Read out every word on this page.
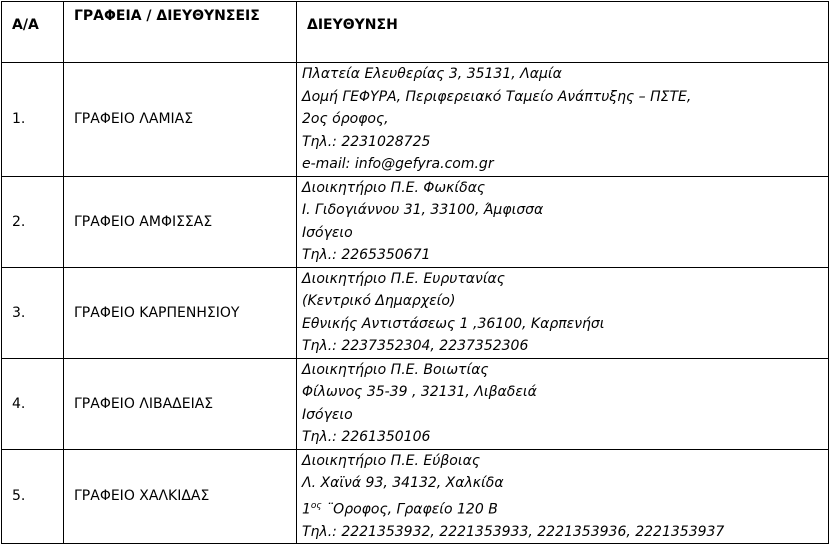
Α/Α	ΓΡΑΦΕΙΑ / ΔΙΕΥΘΥΝΣΕΙΣ	ΔΙΕΥΘΥΝΣΗ
1.	ΓΡΑΦΕΙΟ ΛΑΜΙΑΣ	Πλατεία Ελευθερίας 3, 35131, Λαμία
Δομή ΓΕΦΥΡΑ, Περιφερειακό Ταμείο Ανάπτυξης – ΠΣΤΕ,
2ος όροφος,
Τηλ.: 2231028725
e-mail: info@gefyra.com.gr

2.	ΓΡΑΦΕΙΟ ΑΜΦΙΣΣΑΣ	Διοικητήριο Π.Ε. Φωκίδας
Ι. Γιδογιάννου 31, 33100, Άμφισσα
Ισόγειο
Τηλ.: 2265350671

3.	ΓΡΑΦΕΙΟ ΚΑΡΠΕΝΗΣΙΟΥ	Διοικητήριο Π.Ε. Ευρυτανίας
(Κεντρικό Δημαρχείο)
Εθνικής Αντιστάσεως 1 ,36100, Καρπενήσι
Τηλ.: 2237352304, 2237352306

4.	ΓΡΑΦΕΙΟ ΛΙΒΑΔΕΙΑΣ	Διοικητήριο Π.Ε. Βοιωτίας
Φίλωνος 35-39 , 32131, Λιβαδειά
Ισόγειο
Τηλ.: 2261350106

5.	ΓΡΑΦΕΙΟ ΧΑΛΚΙΔΑΣ	Διοικητήριο Π.Ε. Εύβοιας
Λ. Χαϊνά 93, 34132, Χαλκίδα
$1^{o\varsigma}$ ¨Οροφος, Γραφείο 120 Β
Τηλ.: 2221353932, 2221353933, 2221353936, 2221353937
